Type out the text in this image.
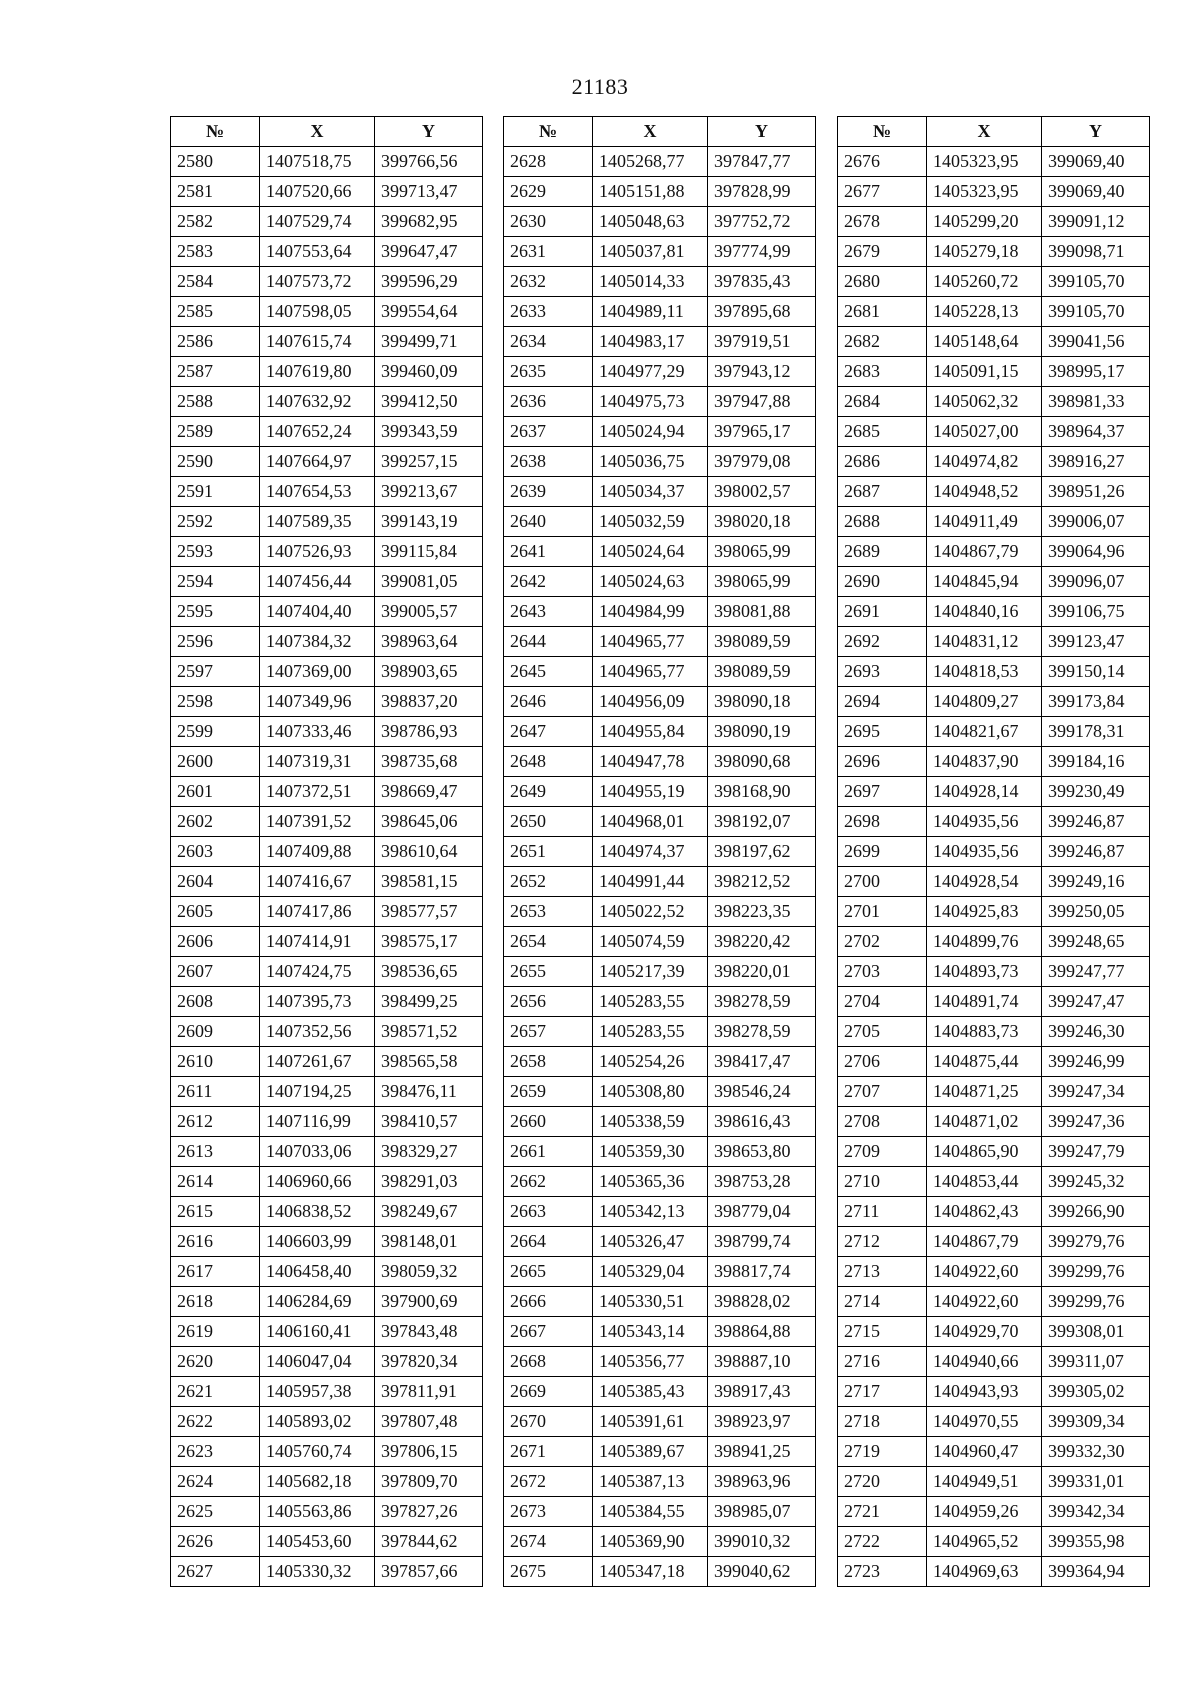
21183
№	X	Y
2580	1407518,75	399766,56
2581	1407520,66	399713,47
2582	1407529,74	399682,95
2583	1407553,64	399647,47
2584	1407573,72	399596,29
2585	1407598,05	399554,64
2586	1407615,74	399499,71
2587	1407619,80	399460,09
2588	1407632,92	399412,50
2589	1407652,24	399343,59
2590	1407664,97	399257,15
2591	1407654,53	399213,67
2592	1407589,35	399143,19
2593	1407526,93	399115,84
2594	1407456,44	399081,05
2595	1407404,40	399005,57
2596	1407384,32	398963,64
2597	1407369,00	398903,65
2598	1407349,96	398837,20
2599	1407333,46	398786,93
2600	1407319,31	398735,68
2601	1407372,51	398669,47
2602	1407391,52	398645,06
2603	1407409,88	398610,64
2604	1407416,67	398581,15
2605	1407417,86	398577,57
2606	1407414,91	398575,17
2607	1407424,75	398536,65
2608	1407395,73	398499,25
2609	1407352,56	398571,52
2610	1407261,67	398565,58
2611	1407194,25	398476,11
2612	1407116,99	398410,57
2613	1407033,06	398329,27
2614	1406960,66	398291,03
2615	1406838,52	398249,67
2616	1406603,99	398148,01
2617	1406458,40	398059,32
2618	1406284,69	397900,69
2619	1406160,41	397843,48
2620	1406047,04	397820,34
2621	1405957,38	397811,91
2622	1405893,02	397807,48
2623	1405760,74	397806,15
2624	1405682,18	397809,70
2625	1405563,86	397827,26
2626	1405453,60	397844,62
2627	1405330,32	397857,66
№	X	Y
2628	1405268,77	397847,77
2629	1405151,88	397828,99
2630	1405048,63	397752,72
2631	1405037,81	397774,99
2632	1405014,33	397835,43
2633	1404989,11	397895,68
2634	1404983,17	397919,51
2635	1404977,29	397943,12
2636	1404975,73	397947,88
2637	1405024,94	397965,17
2638	1405036,75	397979,08
2639	1405034,37	398002,57
2640	1405032,59	398020,18
2641	1405024,64	398065,99
2642	1405024,63	398065,99
2643	1404984,99	398081,88
2644	1404965,77	398089,59
2645	1404965,77	398089,59
2646	1404956,09	398090,18
2647	1404955,84	398090,19
2648	1404947,78	398090,68
2649	1404955,19	398168,90
2650	1404968,01	398192,07
2651	1404974,37	398197,62
2652	1404991,44	398212,52
2653	1405022,52	398223,35
2654	1405074,59	398220,42
2655	1405217,39	398220,01
2656	1405283,55	398278,59
2657	1405283,55	398278,59
2658	1405254,26	398417,47
2659	1405308,80	398546,24
2660	1405338,59	398616,43
2661	1405359,30	398653,80
2662	1405365,36	398753,28
2663	1405342,13	398779,04
2664	1405326,47	398799,74
2665	1405329,04	398817,74
2666	1405330,51	398828,02
2667	1405343,14	398864,88
2668	1405356,77	398887,10
2669	1405385,43	398917,43
2670	1405391,61	398923,97
2671	1405389,67	398941,25
2672	1405387,13	398963,96
2673	1405384,55	398985,07
2674	1405369,90	399010,32
2675	1405347,18	399040,62
№	X	Y
2676	1405323,95	399069,40
2677	1405323,95	399069,40
2678	1405299,20	399091,12
2679	1405279,18	399098,71
2680	1405260,72	399105,70
2681	1405228,13	399105,70
2682	1405148,64	399041,56
2683	1405091,15	398995,17
2684	1405062,32	398981,33
2685	1405027,00	398964,37
2686	1404974,82	398916,27
2687	1404948,52	398951,26
2688	1404911,49	399006,07
2689	1404867,79	399064,96
2690	1404845,94	399096,07
2691	1404840,16	399106,75
2692	1404831,12	399123,47
2693	1404818,53	399150,14
2694	1404809,27	399173,84
2695	1404821,67	399178,31
2696	1404837,90	399184,16
2697	1404928,14	399230,49
2698	1404935,56	399246,87
2699	1404935,56	399246,87
2700	1404928,54	399249,16
2701	1404925,83	399250,05
2702	1404899,76	399248,65
2703	1404893,73	399247,77
2704	1404891,74	399247,47
2705	1404883,73	399246,30
2706	1404875,44	399246,99
2707	1404871,25	399247,34
2708	1404871,02	399247,36
2709	1404865,90	399247,79
2710	1404853,44	399245,32
2711	1404862,43	399266,90
2712	1404867,79	399279,76
2713	1404922,60	399299,76
2714	1404922,60	399299,76
2715	1404929,70	399308,01
2716	1404940,66	399311,07
2717	1404943,93	399305,02
2718	1404970,55	399309,34
2719	1404960,47	399332,30
2720	1404949,51	399331,01
2721	1404959,26	399342,34
2722	1404965,52	399355,98
2723	1404969,63	399364,94
